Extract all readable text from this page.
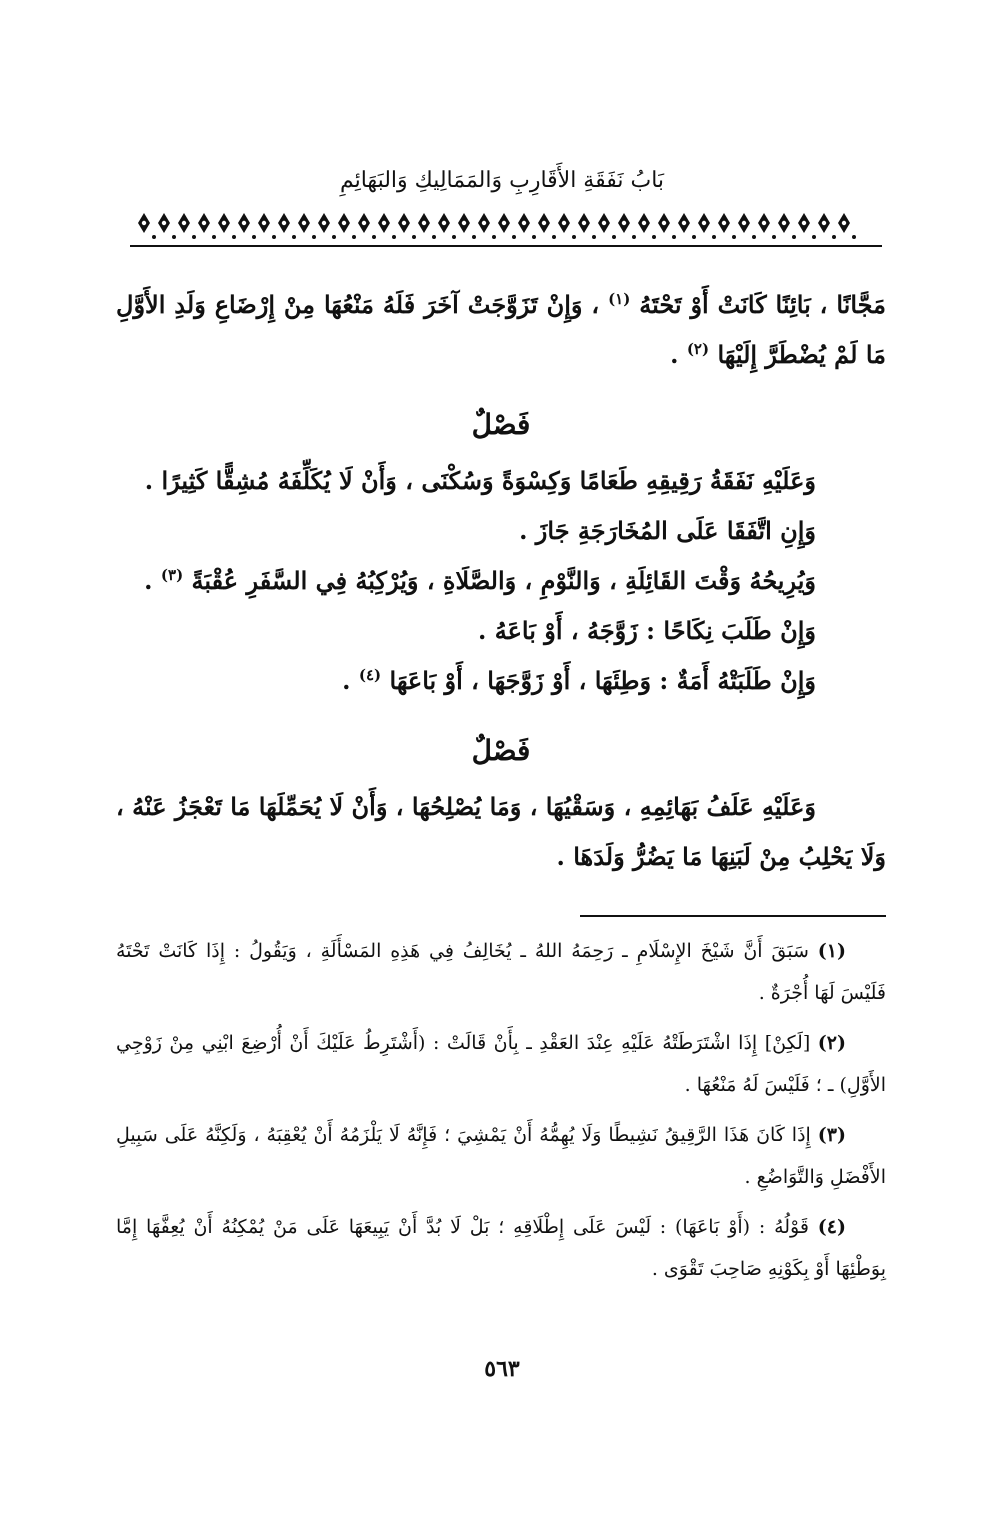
بَابُ نَفَقَةِ الأَقَارِبِ وَالمَمَالِيكِ وَالبَهَائِمِ

مَجَّانًا ، بَائِنًا كَانَتْ أَوْ تَحْتَهُ $^{(١)}$ ، وَإِنْ تَزَوَّجَتْ آخَرَ فَلَهُ مَنْعُهَا مِنْ إِرْضَاعِ وَلَدِ الأَوَّلِ مَا لَمْ يُضْطَرَّ إِلَيْهَا $^{(٢)}$ .

فَصْلٌ

وَعَلَيْهِ نَفَقَةُ رَقِيقِهِ طَعَامًا وَكِسْوَةً وَسُكْنَى ، وَأَنْ لَا يُكَلِّفَهُ مُشِقًّا كَثِيرًا .

وَإِنِ اتَّفَقَا عَلَى المُخَارَجَةِ جَازَ .

وَيُرِيحُهُ وَقْتَ القَائِلَةِ ، وَالنَّوْمِ ، وَالصَّلَاةِ ، وَيُرْكِبُهُ فِي السَّفَرِ عُقْبَةً $^{(٣)}$ .

وَإِنْ طَلَبَ نِكَاحًا : زَوَّجَهُ ، أَوْ بَاعَهُ .

وَإِنْ طَلَبَتْهُ أَمَةٌ : وَطِئَهَا ، أَوْ زَوَّجَهَا ، أَوْ بَاعَهَا $^{(٤)}$ .

فَصْلٌ

وَعَلَيْهِ عَلَفُ بَهَائِمِهِ ، وَسَقْيُهَا ، وَمَا يُصْلِحُهَا ، وَأَنْ لَا يُحَمِّلَهَا مَا تَعْجَزُ عَنْهُ ، وَلَا يَحْلِبُ مِنْ لَبَنِهَا مَا يَضُرُّ وَلَدَهَا .

(١) سَبَقَ أَنَّ شَيْخَ الإِسْلَامِ ـ رَحِمَهُ اللهُ ـ يُخَالِفُ فِي هَذِهِ المَسْأَلَةِ ، وَيَقُولُ : إِذَا كَانَتْ تَحْتَهُ فَلَيْسَ لَهَا أُجْرَةٌ .

(٢) [لَكِنْ] إِذَا اشْتَرَطَتْهُ عَلَيْهِ عِنْدَ العَقْدِ ـ بِأَنْ قَالَتْ : (أَشْتَرِطُ عَلَيْكَ أَنْ أُرْضِعَ ابْنِي مِنْ زَوْجِي الأَوَّلِ) ـ ؛ فَلَيْسَ لَهُ مَنْعُهَا .

(٣) إِذَا كَانَ هَذَا الرَّقِيقُ نَشِيطًا وَلَا يُهِمُّهُ أَنْ يَمْشِيَ ؛ فَإِنَّهُ لَا يَلْزَمُهُ أَنْ يُعْقِبَهُ ، وَلَكِنَّهُ عَلَى سَبِيلِ الأَفْضَلِ وَالتَّوَاضُعِ .

(٤) قَوْلُهُ : (أَوْ بَاعَهَا) : لَيْسَ عَلَى إِطْلَاقِهِ ؛ بَلْ لَا بُدَّ أَنْ يَبِيعَهَا عَلَى مَنْ يُمْكِنُهُ أَنْ يُعِفَّهَا إِمَّا بِوَطْئِهَا أَوْ بِكَوْنِهِ صَاحِبَ تَقْوَى .

٥٦٣
